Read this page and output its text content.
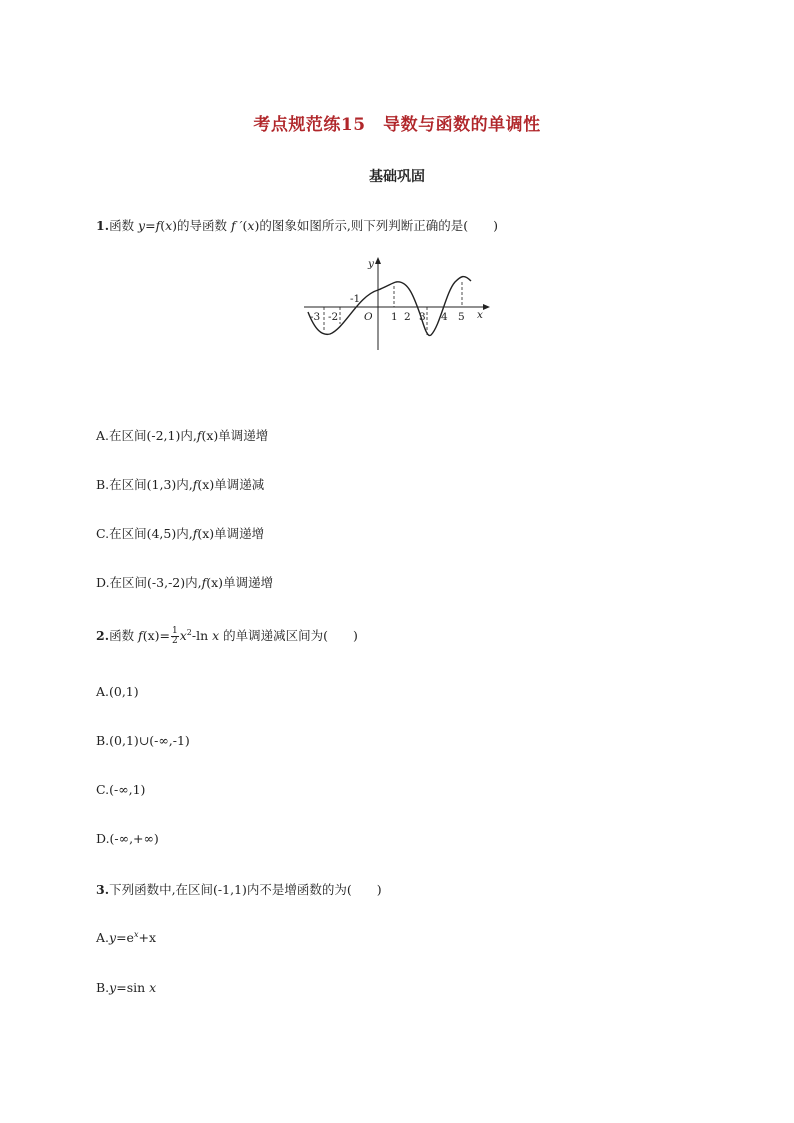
考点规范练15　导数与函数的单调性
基础巩固
1.函数 y=f(x)的导函数 f ′(x)的图象如图所示,则下列判断正确的是(　　)
y
x
O
-3 -2
-1
1 2 3 4 5
A.在区间(-2,1)内,f(x)单调递增
B.在区间(1,3)内,f(x)单调递减
C.在区间(4,5)内,f(x)单调递增
D.在区间(-3,-2)内,f(x)单调递增
2.函数 $f(x)= \frac{1}{2} x^2-\ln$ x 的单调递减区间为(　　)
A.(0,1)
B.(0,1)∪(-∞,-1)
C.(-∞,1)
D.(-∞,+∞)
3.下列函数中,在区间(-1,1)内不是增函数的为(　　)
$A.y=e^x+x$
B.y=sin x
